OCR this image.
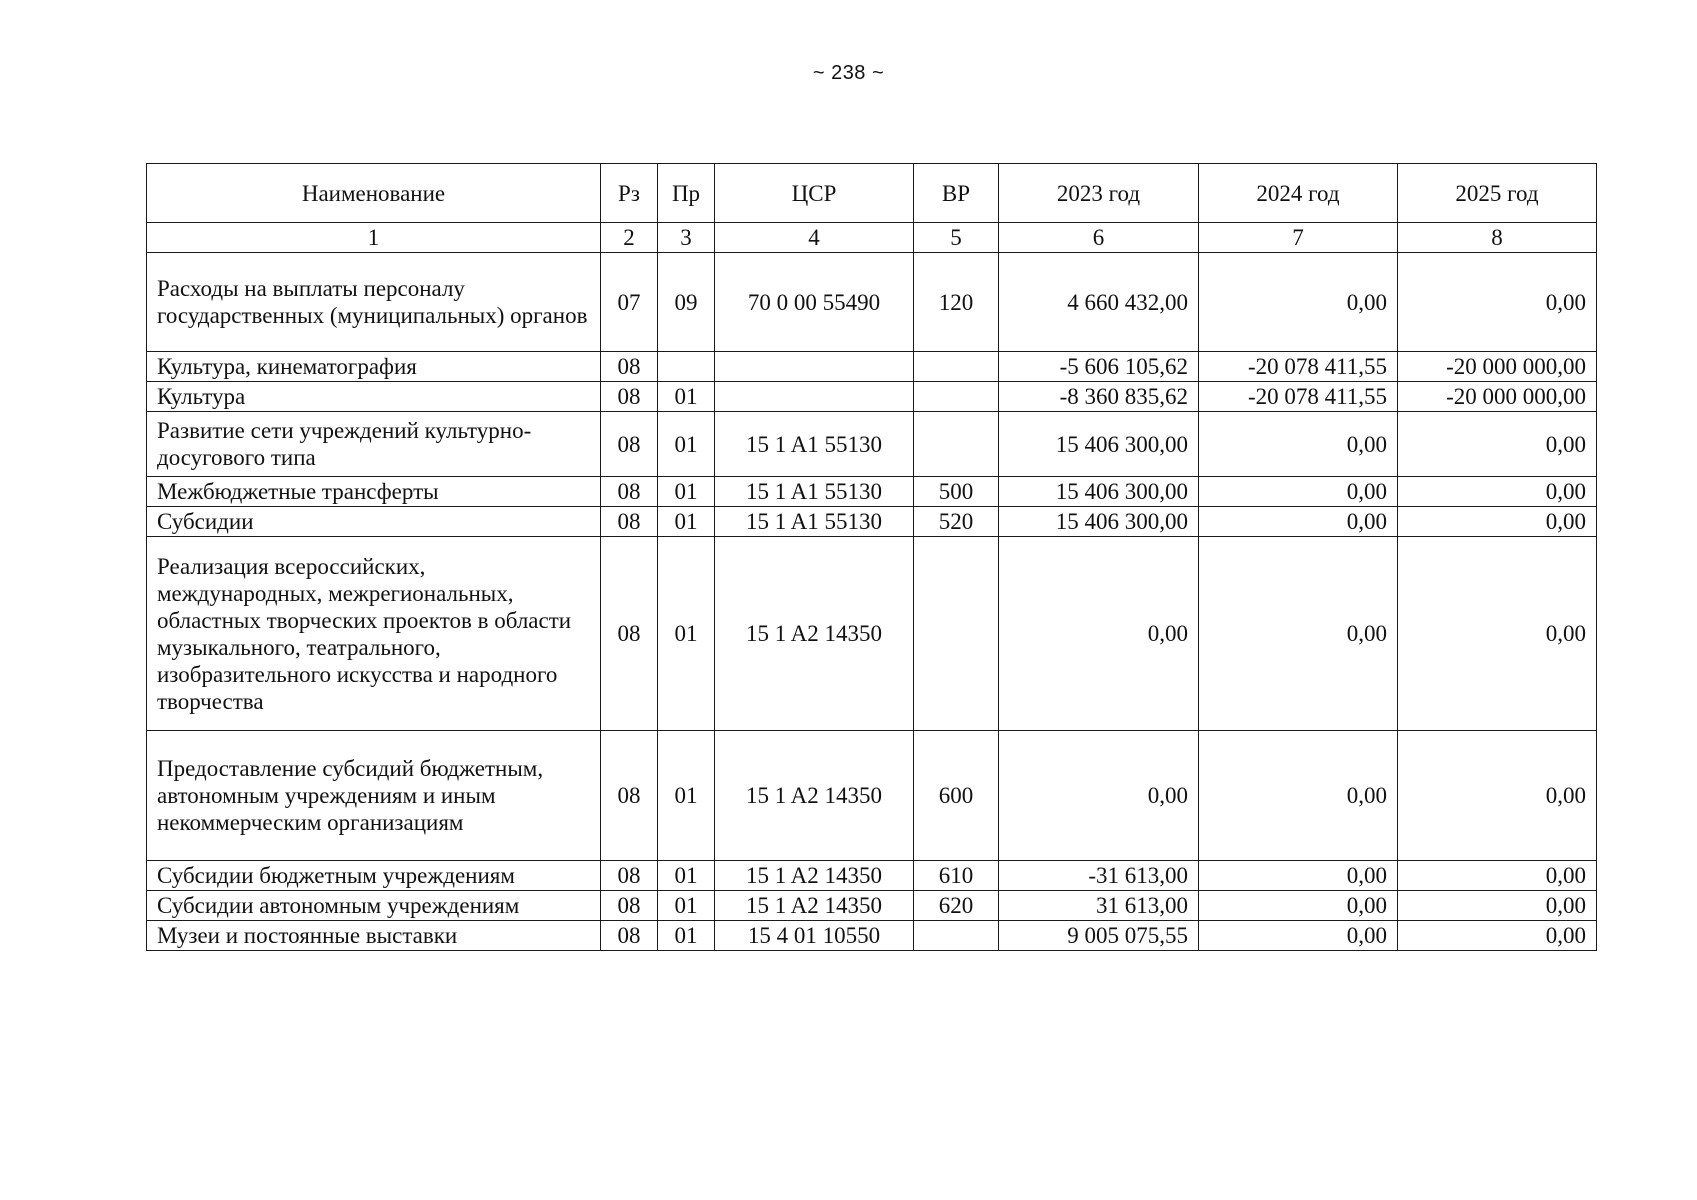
~ 238 ~
Наименование	Рз	Пр	ЦСР	ВР	2023 год	2024 год	2025 год
1	2	3	4	5	6	7	8
Расходы на выплаты персоналу государственных (муниципальных) органов	07	09	70 0 00 55490	120	4 660 432,00	0,00	0,00
Культура, кинематография	08				-5 606 105,62	-20 078 411,55	-20 000 000,00
Культура	08	01			-8 360 835,62	-20 078 411,55	-20 000 000,00
Развитие сети учреждений культурно-досугового типа	08	01	15 1 A1 55130		15 406 300,00	0,00	0,00
Межбюджетные трансферты	08	01	15 1 A1 55130	500	15 406 300,00	0,00	0,00
Субсидии	08	01	15 1 A1 55130	520	15 406 300,00	0,00	0,00
Реализация всероссийских, международных, межрегиональных, областных творческих проектов в области музыкального, театрального, изобразительного искусства и народного творчества	08	01	15 1 A2 14350		0,00	0,00	0,00
Предоставление субсидий бюджетным, автономным учреждениям и иным некоммерческим организациям	08	01	15 1 A2 14350	600	0,00	0,00	0,00
Субсидии бюджетным учреждениям	08	01	15 1 A2 14350	610	-31 613,00	0,00	0,00
Субсидии автономным учреждениям	08	01	15 1 A2 14350	620	31 613,00	0,00	0,00
Музеи и постоянные выставки	08	01	15 4 01 10550		9 005 075,55	0,00	0,00
